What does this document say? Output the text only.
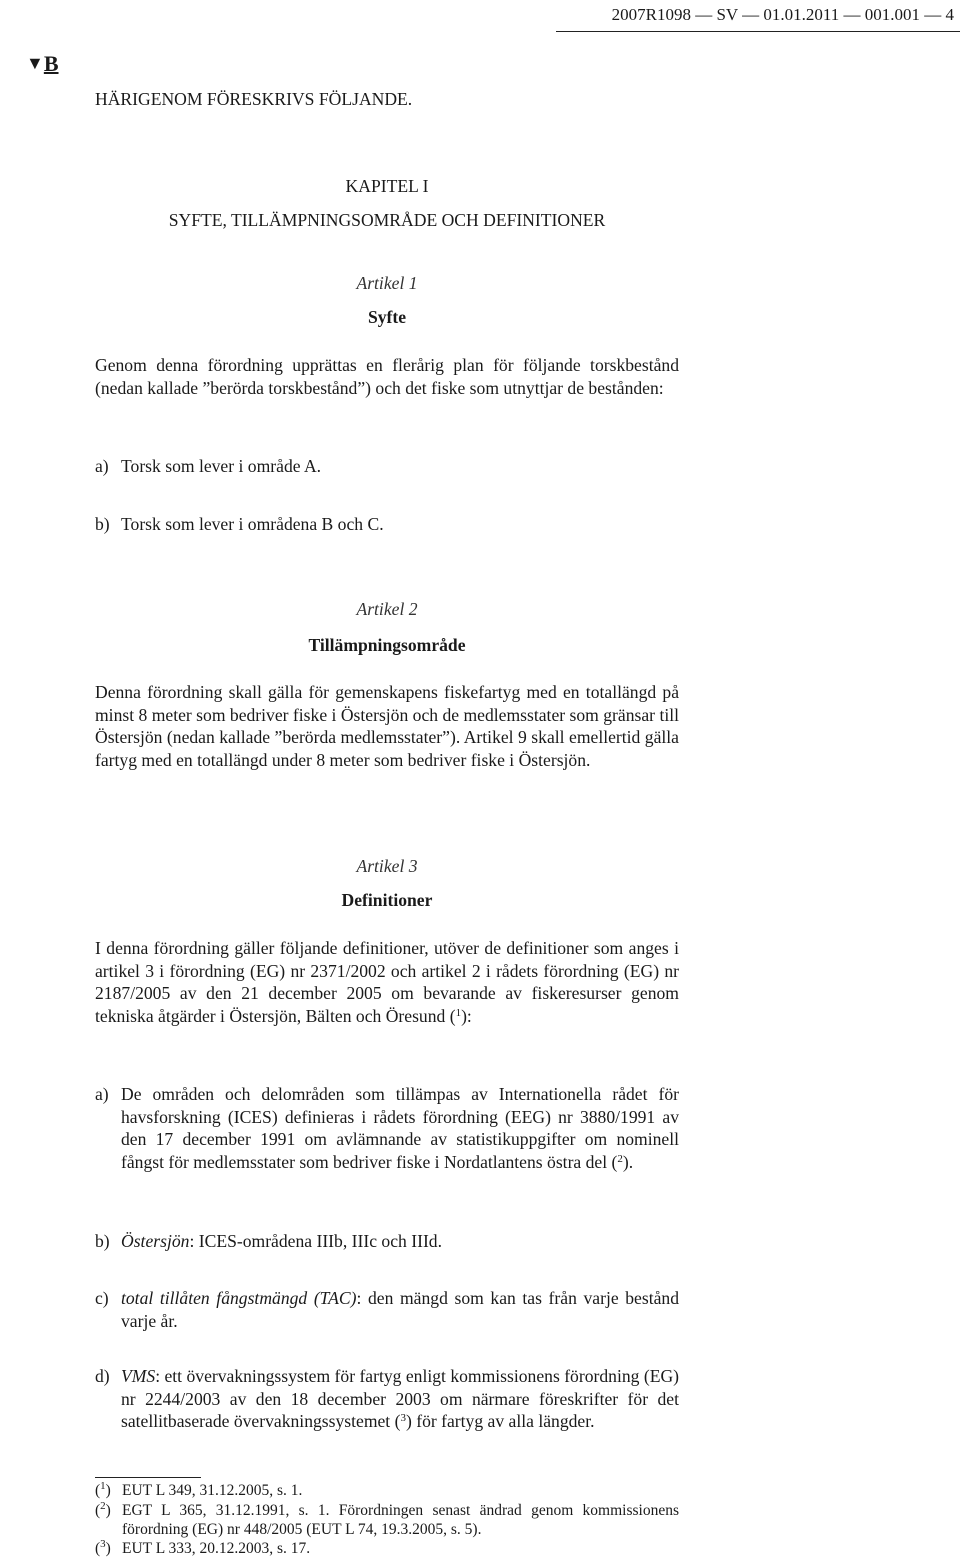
2007R1098 — SV — 01.01.2011 — 001.001 — 4
▼B
HÄRIGENOM FÖRESKRIVS FÖLJANDE.
KAPITEL I
SYFTE, TILLÄMPNINGSOMRÅDE OCH DEFINITIONER
Artikel 1
Syfte
Genom denna förordning upprättas en flerårig plan för följande torskbestånd (nedan kallade ”berörda torskbestånd”) och det fiske som utnyttjar de bestånden:
a) Torsk som lever i område A.
b) Torsk som lever i områdena B och C.
Artikel 2
Tillämpningsområde
Denna förordning skall gälla för gemenskapens fiskefartyg med en totallängd på minst 8 meter som bedriver fiske i Östersjön och de medlemsstater som gränsar till Östersjön (nedan kallade ”berörda medlemsstater”). Artikel 9 skall emellertid gälla fartyg med en totallängd under 8 meter som bedriver fiske i Östersjön.
Artikel 3
Definitioner
I denna förordning gäller följande definitioner, utöver de definitioner som anges i artikel 3 i förordning (EG) nr 2371/2002 och artikel 2 i rådets förordning (EG) nr 2187/2005 av den 21 december 2005 om bevarande av fiskeresurser genom tekniska åtgärder i Östersjön, Bälten och Öresund ($^1$):
a) De områden och delområden som tillämpas av Internationella rådet för havsforskning (ICES) definieras i rådets förordning (EEG) nr 3880/1991 av den 17 december 1991 om avlämnande av statistikuppgifter om nominell fångst för medlemsstater som bedriver fiske i Nordatlantens östra del ($^2$).
b) Östersjön: ICES-områdena IIIb, IIIc och IIId.
c) total tillåten fångstmängd (TAC): den mängd som kan tas från varje bestånd varje år.
d) VMS: ett övervakningssystem för fartyg enligt kommissionens förordning (EG) nr 2244/2003 av den 18 december 2003 om närmare föreskrifter för det satellitbaserade övervakningssystemet ($^3$) för fartyg av alla längder.
($^1$) EUT L 349, 31.12.2005, s. 1.
($^2$) EGT L 365, 31.12.1991, s. 1. Förordningen senast ändrad genom kommissionens förordning (EG) nr 448/2005 (EUT L 74, 19.3.2005, s. 5).
($^3$) EUT L 333, 20.12.2003, s. 17.
